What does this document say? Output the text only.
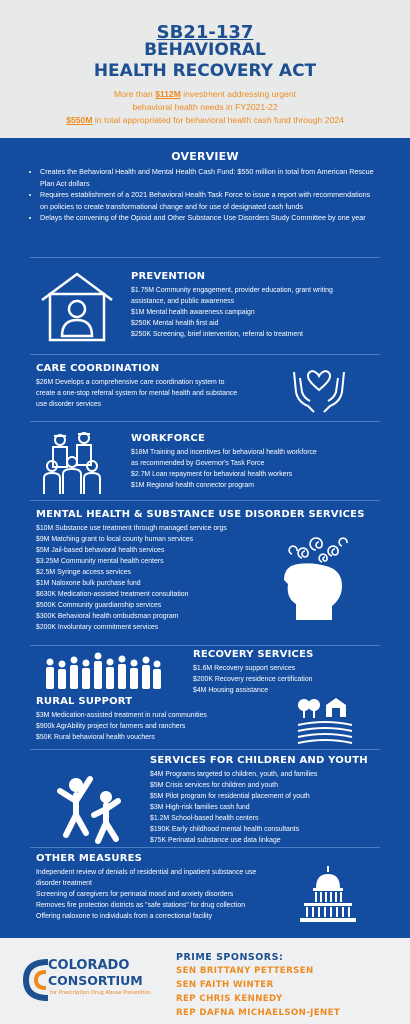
SB21-137
BEHAVIORAL
HEALTH RECOVERY ACT
More than $112M investment addressing urgent
behavioral health needs in FY2021-22
$550M in total appropriated for behavioral health cash fund through 2024
OVERVIEW
• Creates the Behavioral Health and Mental Health Cash Fund: $550 million in total from American Rescue Plan Act dollars
• Requires establishment of a 2021 Behavioral Health Task Force to issue a report with recommendations on policies to create transformational change and for use of designated cash funds
• Delays the convening of the Opioid and Other Substance Use Disorders Study Committee by one year
PREVENTION
$1.75M Community engagement, provider education, grant writing
assistance, and public awareness
$1M Mental health awareness campaign
$250K Mental health first aid
$250K Screening, brief intervention, referral to treatment
CARE COORDINATION
$26M Develops a comprehensive care coordination system to
create a one-stop referral system for mental health and substance
use disorder services
WORKFORCE
$18M Training and incentives for behavioral health workforce
as recommended by Governor's Task Force
$2.7M Loan repayment for behavioral health workers
$1M Regional health connector program
MENTAL HEALTH & SUBSTANCE USE DISORDER SERVICES
$10M Substance use treatment through managed service orgs
$9M Matching grant to local county human services
$5M Jail-based behavioral health services
$3.25M Community mental health centers
$2.5M Syringe access services
$1M Naloxone bulk purchase fund
$630K Medication-assisted treatment consultation
$500K Community guardianship services
$300K Behavioral health ombudsman program
$200K Involuntary commitment services
RECOVERY SERVICES
$1.6M Recovery support services
$200K Recovery residence certification
$4M Housing assistance
RURAL SUPPORT
$3M Medication-assisted treatment in rural communities
$900k AgrAbility project for farmers and ranchers
$50K Rural behavioral health vouchers
SERVICES FOR CHILDREN AND YOUTH
$4M Programs targeted to children, youth, and families
$5M Crisis services for children and youth
$5M Pilot program for residential placement of youth
$3M High-risk families cash fund
$1.2M School-based health centers
$190K Early childhood mental health consultants
$75K Perinatal substance use data linkage
OTHER MEASURES
Independent review of denials of residential and inpatient substance use
disorder treatment
Screening of caregivers for perinatal mood and anxiety disorders
Removes fire protection districts as "safe stations" for drug collection
Offering naloxone to individuals from a correctional facility
COLORADO
CONSORTIUM
for Prescription Drug Abuse Prevention
PRIME SPONSORS:
SEN BRITTANY PETTERSEN
SEN FAITH WINTER
REP CHRIS KENNEDY
REP DAFNA MICHAELSON-JENET
